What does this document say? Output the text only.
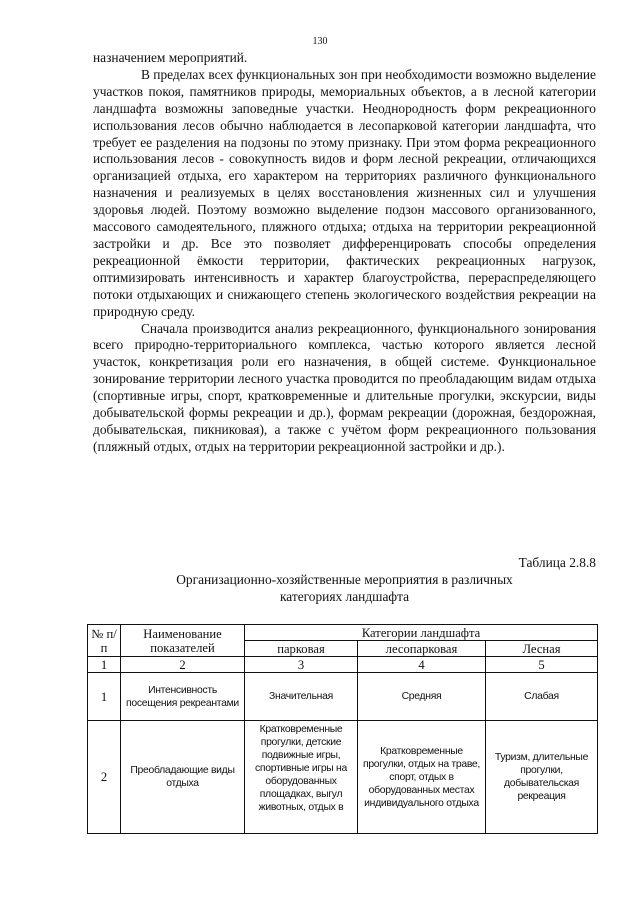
130

назначением мероприятий.

В пределах всех функциональных зон при необходимости возможно выделение участков покоя, памятников природы, мемориальных объектов, а в лесной категории ландшафта возможны заповедные участки. Неоднородность форм рекреационного использования лесов обычно наблюдается в лесопарковой категории ландшафта, что требует ее разделения на подзоны по этому признаку. При этом форма рекреационного использования лесов - совокупность видов и форм лесной рекреации, отличающихся организацией отдыха, его характером на территориях различного функционального назначения и реализуемых в целях восстановления жизненных сил и улучшения здоровья людей. Поэтому возможно выделение подзон массового организованного, массового самодеятельного, пляжного отдыха; отдыха на территории рекреационной застройки и др. Все это позволяет дифференцировать способы определения рекреационной ёмкости территории, фактических рекреационных нагрузок, оптимизировать интенсивность и характер благоустройства, перераспределяющего потоки отдыхающих и снижающего степень экологического воздействия рекреации на природную среду.

Сначала производится анализ рекреационного, функционального зонирования всего природно-территориального комплекса, частью которого является лесной участок, конкретизация роли его назначения, в общей системе. Функциональное зонирование территории лесного участка проводится по преобладающим видам отдыха (спортивные игры, спорт, кратковременные и длительные прогулки, экскурсии, виды добывательской формы рекреации и др.), формам рекреации (дорожная, бездорожная, добывательская, пикниковая), а также с учётом форм рекреационного пользования (пляжный отдых, отдых на территории рекреационной застройки и др.).

Таблица 2.8.8
Организационно-хозяйственные мероприятия в различных
категориях ландшафта
№ п/п	Наименование показателей	Категории ландшафта		
		парковая	лесопарковая	Лесная
1	2	3	4	5
1	Интенсивность посещения рекреантами	Значительная	Средняя	Слабая
2	Преобладающие виды отдыха	Кратковременные прогулки, детские подвижные игры, спортивные игры на оборудованных площадках, выгул животных, отдых в	Кратковременные прогулки, отдых на траве, спорт, отдых в оборудованных местах индивидуального отдыха	Туризм, длительные прогулки, добывательская рекреация
